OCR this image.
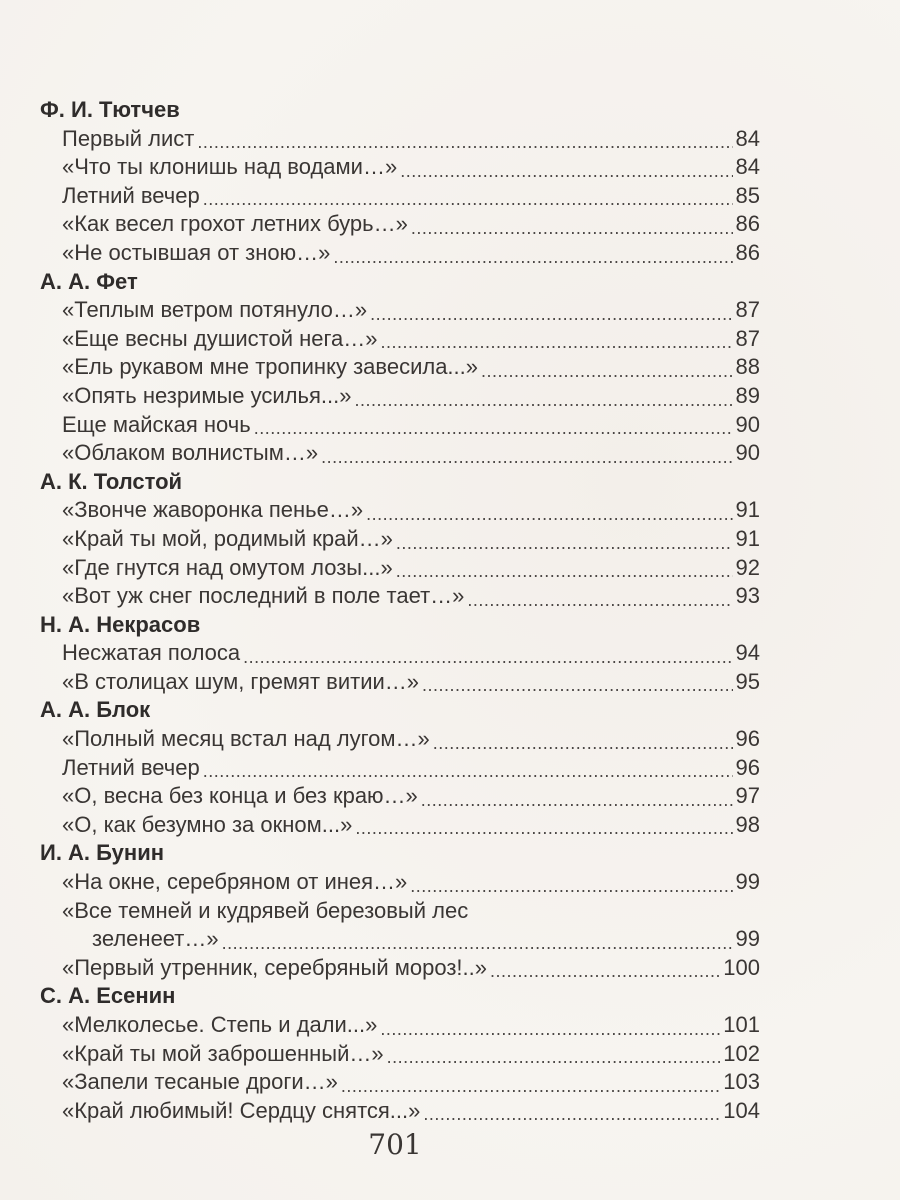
Ф. И. Тютчев
Первый лист .....	84
«Что ты клонишь над водами…» .....	84
Летний вечер .....	85
«Как весел грохот летних бурь…» .....	86
«Не остывшая от зною…» .....	86
А. А. Фет
«Теплым ветром потянуло…» .....	87
«Еще весны душистой нега…» .....	87
«Ель рукавом мне тропинку завесила...» .....	88
«Опять незримые усилья...» .....	89
Еще майская ночь .....	90
«Облаком волнистым…» .....	90
А. К. Толстой
«Звонче жаворонка пенье…» .....	91
«Край ты мой, родимый край…» .....	91
«Где гнутся над омутом лозы...» .....	92
«Вот уж снег последний в поле тает…» .....	93
Н. А. Некрасов
Несжатая полоса .....	94
«В столицах шум, гремят витии…» .....	95
А. А. Блок
«Полный месяц встал над лугом…» .....	96
Летний вечер .....	96
«О, весна без конца и без краю…» .....	97
«О, как безумно за окном...» .....	98
И. А. Бунин
«На окне, серебряном от инея…» .....	99
«Все темней и кудрявей березовый лес
зеленеет…» .....	99
«Первый утренник, серебряный мороз!..» .....	100
С. А. Есенин
«Мелколесье. Степь и дали...» .....	101
«Край ты мой заброшенный…» .....	102
«Запели тесаные дроги…» .....	103
«Край любимый! Сердцу снятся...» .....	104
701
